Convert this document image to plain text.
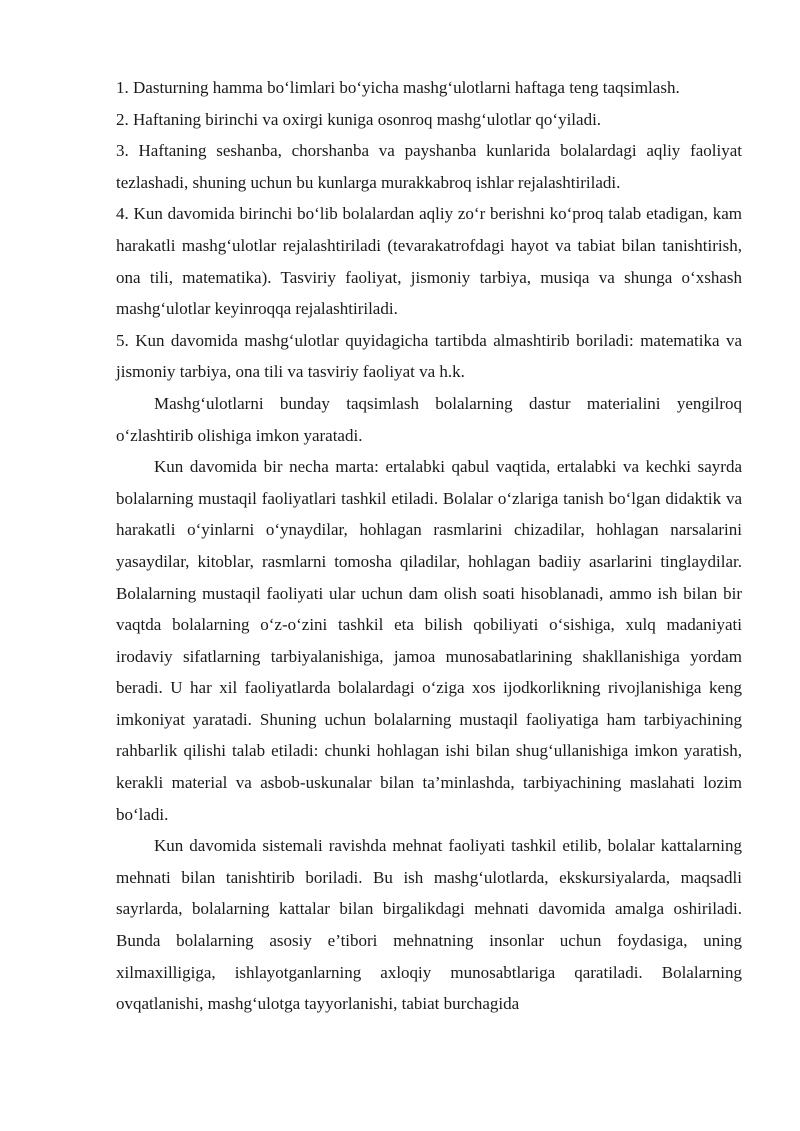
1. Dasturning hamma bo‘limlari bo‘yicha mashg‘ulotlarni haftaga teng taqsimlash.

2. Haftaning birinchi va oxirgi kuniga osonroq mashg‘ulotlar qo‘yiladi.

3. Haftaning seshanba, chorshanba va payshanba kunlarida bolalardagi aqliy faoliyat tezlashadi, shuning uchun bu kunlarga murakkabroq ishlar rejalashtiriladi.

4. Kun davomida birinchi bo‘lib bolalardan aqliy zo‘r berishni ko‘proq talab etadigan, kam harakatli mashg‘ulotlar rejalashtiriladi (tevarakatrofdagi hayot va tabiat bilan tanishtirish, ona tili, matematika). Tasviriy faoliyat, jismoniy tarbiya, musiqa va shunga o‘xshash mashg‘ulotlar keyinroqqa rejalashtiriladi.

5. Kun davomida mashg‘ulotlar quyidagicha tartibda almashtirib boriladi: matematika va jismoniy tarbiya, ona tili va tasviriy faoliyat va h.k.

Mashg‘ulotlarni bunday taqsimlash bolalarning dastur materialini yengilroq o‘zlashtirib olishiga imkon yaratadi.

Kun davomida bir necha marta: ertalabki qabul vaqtida, ertalabki va kechki sayrda bolalarning mustaqil faoliyatlari tashkil etiladi. Bolalar o‘zlariga tanish bo‘lgan didaktik va harakatli o‘yinlarni o‘ynaydilar, hohlagan rasmlarini chizadilar, hohlagan narsalarini yasaydilar, kitoblar, rasmlarni tomosha qiladilar, hohlagan badiiy asarlarini tinglaydilar. Bolalarning mustaqil faoliyati ular uchun dam olish soati hisoblanadi, ammo ish bilan bir vaqtda bolalarning o‘z-o‘zini tashkil eta bilish qobiliyati o‘sishiga, xulq madaniyati irodaviy sifatlarning tarbiyalanishiga, jamoa munosabatlarining shakllanishiga yordam beradi. U har xil faoliyatlarda bolalardagi o‘ziga xos ijodkorlikning rivojlanishiga keng imkoniyat yaratadi. Shuning uchun bolalarning mustaqil faoliyatiga ham tarbiyachining rahbarlik qilishi talab etiladi: chunki hohlagan ishi bilan shug‘ullanishiga imkon yaratish, kerakli material va asbob-uskunalar bilan ta’minlashda, tarbiyachining maslahati lozim bo‘ladi.

Kun davomida sistemali ravishda mehnat faoliyati tashkil etilib, bolalar kattalarning mehnati bilan tanishtirib boriladi. Bu ish mashg‘ulotlarda, ekskursiyalarda, maqsadli sayrlarda, bolalarning kattalar bilan birgalikdagi mehnati davomida amalga oshiriladi. Bunda bolalarning asosiy e’tibori mehnatning insonlar uchun foydasiga, uning xilmaxilligiga, ishlayotganlarning axloqiy munosabtlariga qaratiladi. Bolalarning ovqatlanishi, mashg‘ulotga tayyorlanishi, tabiat burchagida
